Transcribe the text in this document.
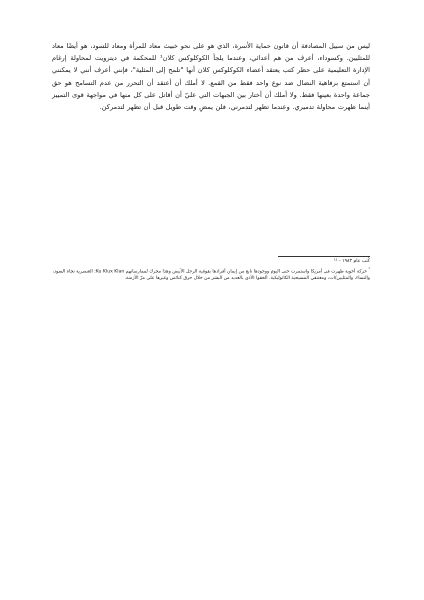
ليس من سبيل المصادفة أن قانون حماية الأسرة، الذي هو على نحو خبيث معاد للمرأة ومعاد للسود، هو أيضًا معاد للمثليين. وكسوداء، أعرف من هم أعدائي، وعندما يلجأ الكوكلوكس كلان¹ للمحكمة في ديترويت لمحاولة إرغام الإدارة التعليمية على حظر كتب يعتقد أعضاء الكوكلوكس كلان أنها "تلمح إلى المثلية"، فإنني أعرف أنني لا يمكنني أن استمتع برفاهية النضال ضد نوع واحد فقط من القمع. لا أملك أن أعتقد أن التحرر من عدم التسامح هو حق جماعة واحدة بعينها فقط. ولا أملك أن أختار بين الجبهات التي عليّ أن أقاتل على كل منها في مواجهة قوى التمييز أينما ظهرت محاولة تدميري. وعندما تظهر لتدمرني، فلن يمضِ وقت طويل قبل أن تظهر لتدمركن.

كُتب عام ١٩٨٣ - ¹¹

¹ حركة أخوية ظهرت في أمريكا واستمرت حتى اليوم ووجودها نابع من إيمان أفرادها بفوقية الرجل الأبيض وهذا محرك لممارساتهم Ku Klux Klan: العنصرية تجاه السود، والنساء، والمثليين/ات، ومعتنقي المسيحية الكاثوليكية. ألحقوا الأذى بالعديد من البشر من خلال حرق كنائس وغيرها على مرّ الأزمنة.
